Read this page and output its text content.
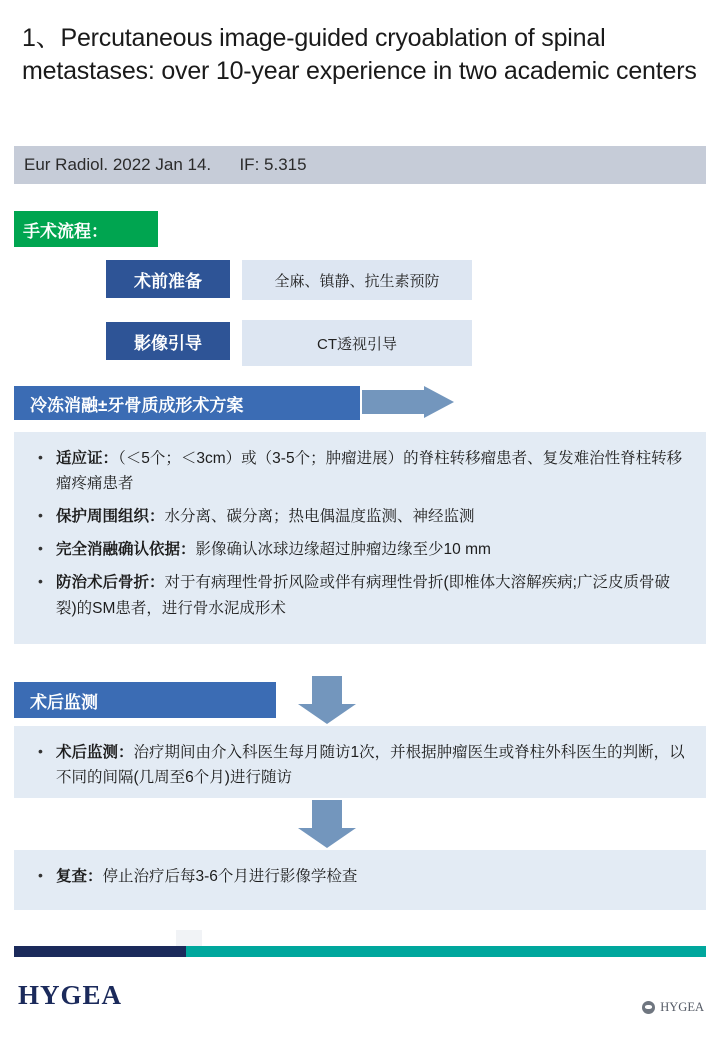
1、Percutaneous image-guided cryoablation of spinal metastases: over 10-year experience in two academic centers
Eur Radiol. 2022 Jan 14.      IF: 5.315
手术流程：
术前准备	全麻、镇静、抗生素预防
影像引导	CT透视引导
冷冻消融±牙骨质成形术方案
• 适应证：（＜5个；＜3cm）或（3-5个；肿瘤进展）的脊柱转移瘤患者、复发难治性脊柱转移瘤疼痛患者
• 保护周围组织：水分离、碳分离；热电偶温度监测、神经监测
• 完全消融确认依据：影像确认冰球边缘超过肿瘤边缘至少10 mm
• 防治术后骨折：对于有病理性骨折风险或伴有病理性骨折(即椎体大溶解疾病;广泛皮质骨破裂)的SM患者，进行骨水泥成形术
术后监测
• 术后监测：治疗期间由介入科医生每月随访1次，并根据肿瘤医生或脊柱外科医生的判断，以不同的间隔(几周至6个月)进行随访
• 复查：停止治疗后每3-6个月进行影像学检查
HYGEA	HYGEA
